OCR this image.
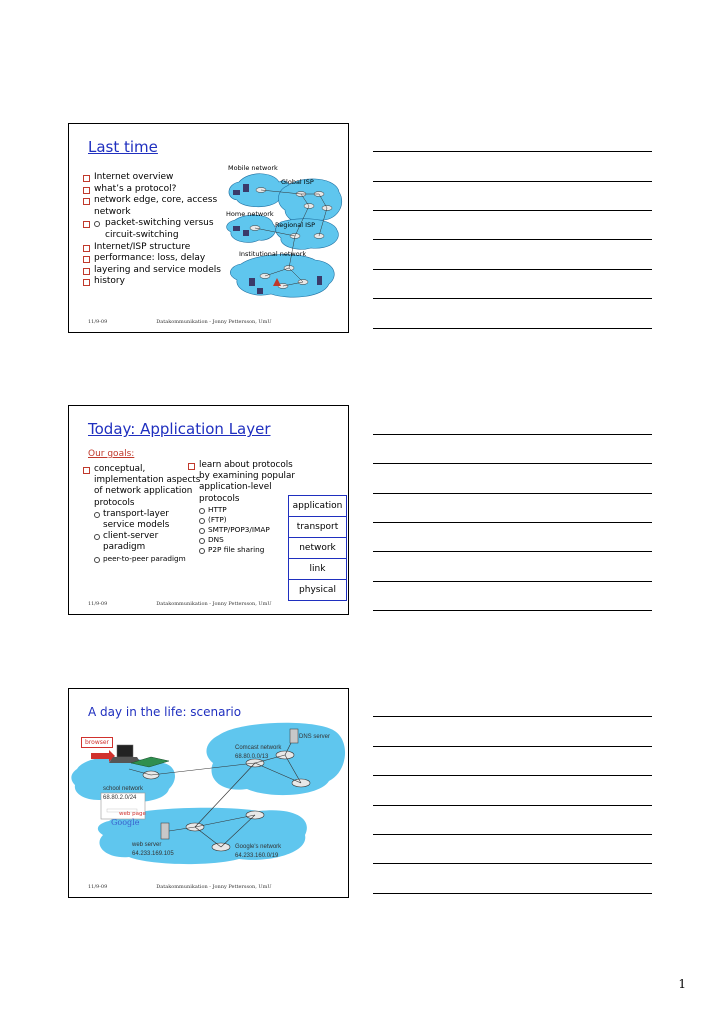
Last time
Internet overview
what’s a protocol?
network edge, core, access network
packet-switching versus circuit-switching
Internet/ISP structure
performance: loss, delay
layering and service models
history
Mobile network
Global ISP
Home network
Regional ISP
Institutional network
11/9-09	Datakommunikation - Jonny Pettersson, UmU
Today: Application Layer
Our goals:
conceptual, implementation aspects of network application protocols
transport-layer service models
client-server paradigm
peer-to-peer paradigm
learn about protocols by examining popular application-level protocols
HTTP
(FTP)
SMTP/POP3/IMAP
DNS
P2P file sharing
application
transport
network
link
physical
11/9-09	Datakommunikation - Jonny Pettersson, UmU
A day in the life: scenario
browser
DNS server
Comcast network
68.80.0.0/13
school network
68.80.2.0/24
web page
Google
web server
64.233.169.105
Google's network
64.233.160.0/19
11/9-09	Datakommunikation - Jonny Pettersson, UmU
1
